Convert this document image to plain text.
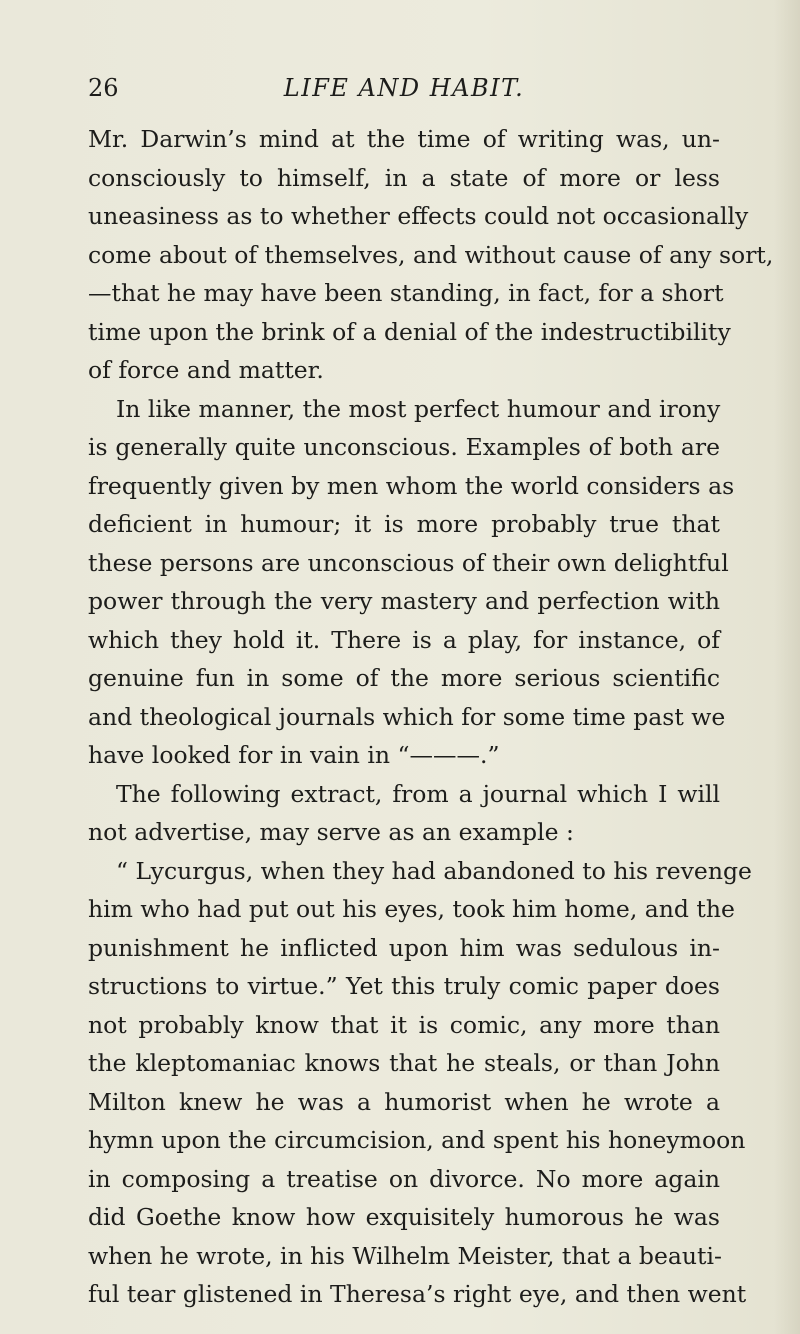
26	LIFE AND HABIT.
Mr. Darwin’s mind at the time of writing was, un-
consciously to himself, in a state of more or less
uneasiness as to whether effects could not occasionally
come about of themselves, and without cause of any sort,
—that he may have been standing, in fact, for a short
time upon the brink of a denial of the indestructibility
of force and matter.
In like manner, the most perfect humour and irony
is generally quite unconscious. Examples of both are
frequently given by men whom the world considers as
deficient in humour; it is more probably true that
these persons are unconscious of their own delightful
power through the very mastery and perfection with
which they hold it. There is a play, for instance, of
genuine fun in some of the more serious scientific
and theological journals which for some time past we
have looked for in vain in “———.”
The following extract, from a journal which I will
not advertise, may serve as an example :
“ Lycurgus, when they had abandoned to his revenge
him who had put out his eyes, took him home, and the
punishment he inflicted upon him was sedulous in-
structions to virtue.” Yet this truly comic paper does
not probably know that it is comic, any more than
the kleptomaniac knows that he steals, or than John
Milton knew he was a humorist when he wrote a
hymn upon the circumcision, and spent his honeymoon
in composing a treatise on divorce. No more again
did Goethe know how exquisitely humorous he was
when he wrote, in his Wilhelm Meister, that a beauti-
ful tear glistened in Theresa’s right eye, and then went
